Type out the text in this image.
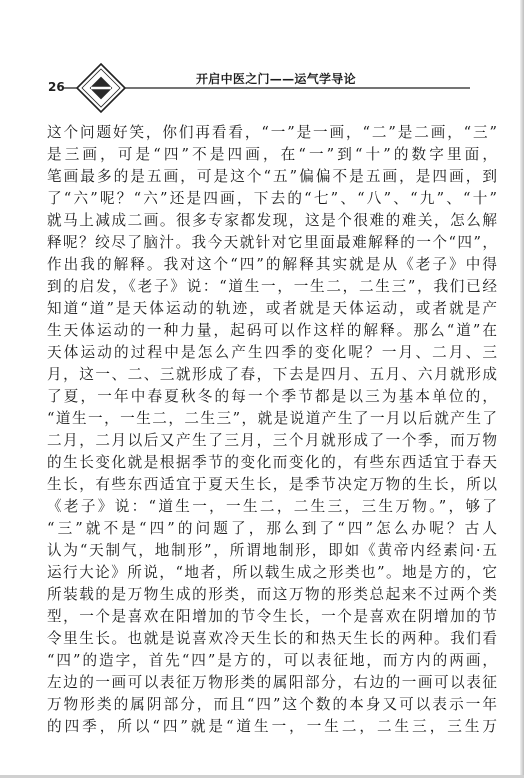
26
开启中医之门——运气学导论
这个问题好笑，你们再看看，“一”是一画，“二”是二画，“三”
是三画，可是“四”不是四画，在“一”到“十”的数字里面，
笔画最多的是五画，可是这个“五”偏偏不是五画，是四画，到
了“六”呢？“六”还是四画，下去的“七”、“八”、“九”、“十”
就马上减成二画。很多专家都发现，这是个很难的难关，怎么解
释呢？绞尽了脑汁。我今天就针对它里面最难解释的一个“四”，
作出我的解释。我对这个“四”的解释其实就是从《老子》中得
到的启发，《老子》说：“道生一，一生二，二生三”，我们已经
知道“道”是天体运动的轨迹，或者就是天体运动，或者就是产
生天体运动的一种力量，起码可以作这样的解释。那么“道”在
天体运动的过程中是怎么产生四季的变化呢？一月、二月、三
月，这一、二、三就形成了春，下去是四月、五月、六月就形成
了夏，一年中春夏秋冬的每一个季节都是以三为基本单位的，
“道生一，一生二，二生三”，就是说道产生了一月以后就产生了
二月，二月以后又产生了三月，三个月就形成了一个季，而万物
的生长变化就是根据季节的变化而变化的，有些东西适宜于春天
生长，有些东西适宜于夏天生长，是季节决定万物的生长，所以
《老子》说：“道生一，一生二，二生三，三生万物。”，够了
“三”就不是“四”的问题了，那么到了“四”怎么办呢？古人
认为“天制气，地制形”，所谓地制形，即如《黄帝内经素问·五
运行大论》所说，“地者，所以载生成之形类也”。地是方的，它
所装载的是万物生成的形类，而这万物的形类总起来不过两个类
型，一个是喜欢在阳增加的节令生长，一个是喜欢在阴增加的节
令里生长。也就是说喜欢冷天生长的和热天生长的两种。我们看
“四”的造字，首先“四”是方的，可以表征地，而方内的两画，
左边的一画可以表征万物形类的属阳部分，右边的一画可以表征
万物形类的属阴部分，而且“四”这个数的本身又可以表示一年
的四季，所以“四”就是“道生一，一生二，二生三，三生万
